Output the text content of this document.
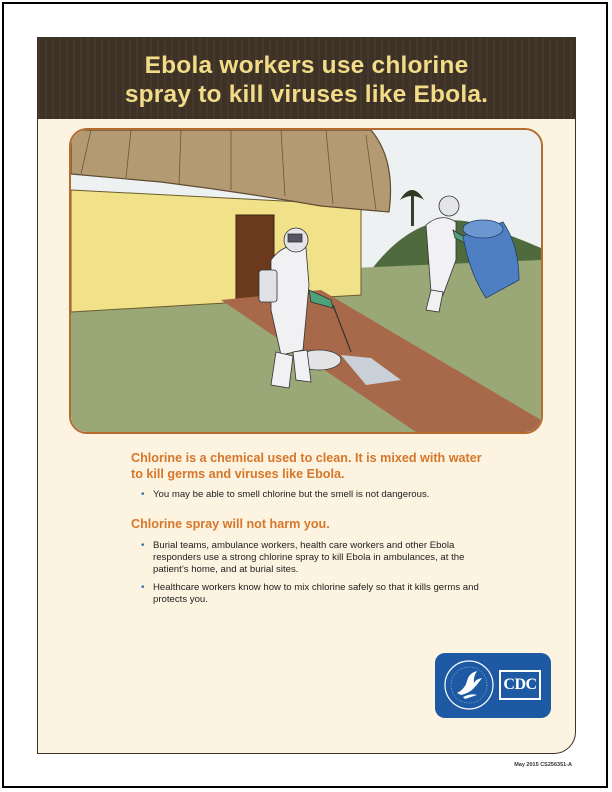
Ebola workers use chlorine
spray to kill viruses like Ebola.

Chlorine is a chemical used to clean. It is mixed with water to kill germs and viruses like Ebola.

• You may be able to smell chlorine but the smell is not dangerous.

Chlorine spray will not harm you.

• Burial teams, ambulance workers, health care workers and other Ebola responders use a strong chlorine spray to kill Ebola in ambulances, at the patient’s home, and at burial sites.
• Healthcare workers know how to mix chlorine safely so that it kills germs and protects you.
CDC
May 2015 CS256351-A
